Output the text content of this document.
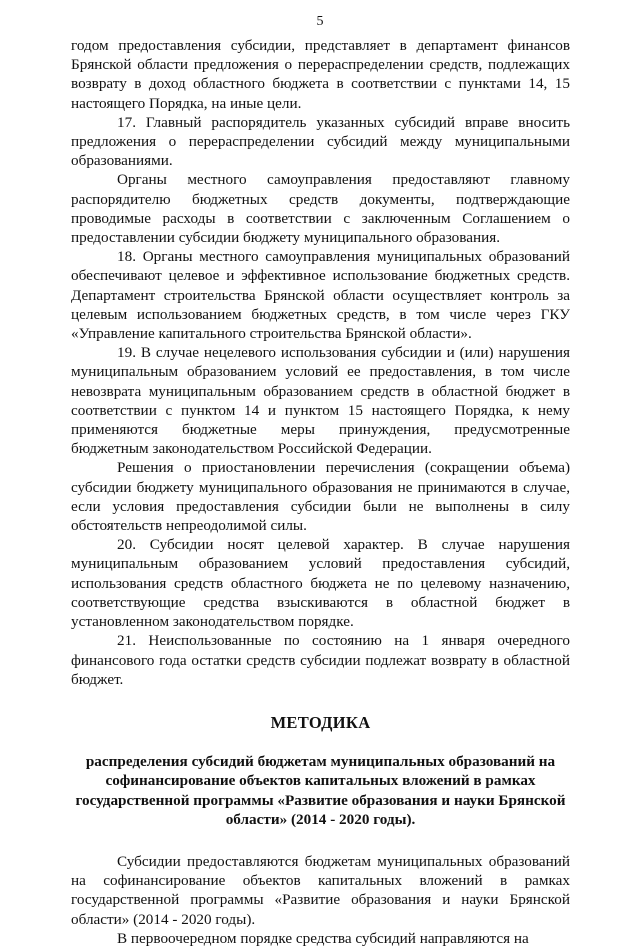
5

годом предоставления субсидии, представляет в департамент финансов Брянской области предложения о перераспределении средств, подлежащих возврату в доход областного бюджета в соответствии с пунктами 14, 15 настоящего Порядка, на иные цели.

17. Главный распорядитель указанных субсидий вправе вносить предложения о перераспределении субсидий между муниципальными образованиями.

Органы местного самоуправления предоставляют главному распорядителю бюджетных средств документы, подтверждающие проводимые расходы в соответствии с заключенным Соглашением о предоставлении субсидии бюджету муниципального образования.

18. Органы местного самоуправления муниципальных образований обеспечивают целевое и эффективное использование бюджетных средств. Департамент строительства Брянской области осуществляет контроль за целевым использованием бюджетных средств, в том числе через ГКУ «Управление капитального строительства Брянской области».

19. В случае нецелевого использования субсидии и (или) нарушения муниципальным образованием условий ее предоставления, в том числе невозврата муниципальным образованием средств в областной бюджет в соответствии с пунктом 14 и пунктом 15 настоящего Порядка, к нему применяются бюджетные меры принуждения, предусмотренные бюджетным законодательством Российской Федерации.

Решения о приостановлении перечисления (сокращении объема) субсидии бюджету муниципального образования не принимаются в случае, если условия предоставления субсидии были не выполнены в силу обстоятельств непреодолимой силы.

20. Субсидии носят целевой характер. В случае нарушения муниципальным образованием условий предоставления субсидий, использования средств областного бюджета не по целевому назначению, соответствующие средства взыскиваются в областной бюджет в установленном законодательством порядке.

21. Неиспользованные по состоянию на 1 января очередного финансового года остатки средств субсидии подлежат возврату в областной бюджет.

МЕТОДИКА
распределения субсидий бюджетам муниципальных образований на софинансирование объектов капитальных вложений в рамках государственной программы «Развитие образования и науки Брянской области» (2014 - 2020 годы).

Субсидии предоставляются бюджетам муниципальных образований на софинансирование объектов капитальных вложений в рамках государственной программы «Развитие образования и науки Брянской области» (2014 - 2020 годы).

В первоочередном порядке средства субсидий направляются на
